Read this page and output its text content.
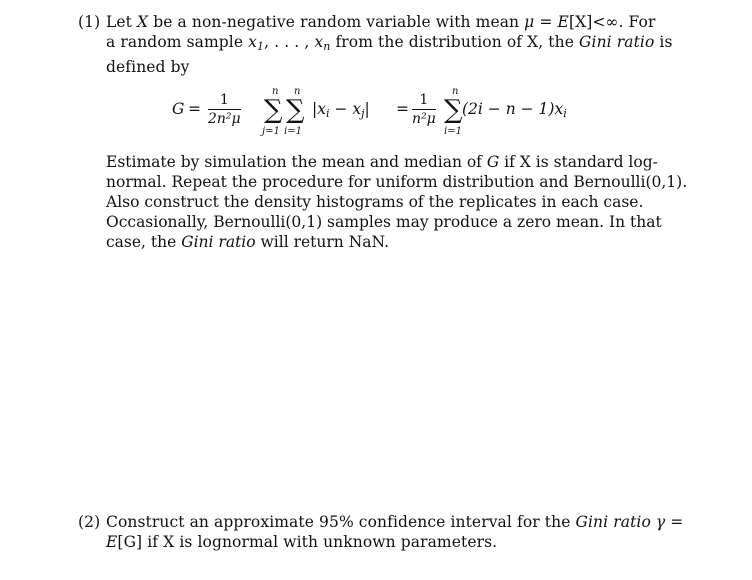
(1) Let X be a non-negative random variable with mean μ = E[X]<∞. For
a random sample $x_1$, . . . , $x_n$ from the distribution of X, the Gini ratio is
defined by
G = 1
2n²μ
n
∑
j=1
n
∑
i=1
$|x_i - x_j| = 1$
n²μ
n
∑
i=1
$(2i - n - 1)x_i$
Estimate by simulation the mean and median of G if X is standard log-
normal. Repeat the procedure for uniform distribution and Bernoulli(0,1).
Also construct the density histograms of the replicates in each case.
Occasionally, Bernoulli(0,1) samples may produce a zero mean. In that
case, the Gini ratio will return NaN.
(2) Construct an approximate 95% confidence interval for the Gini ratio γ =
E[G] if X is lognormal with unknown parameters.
